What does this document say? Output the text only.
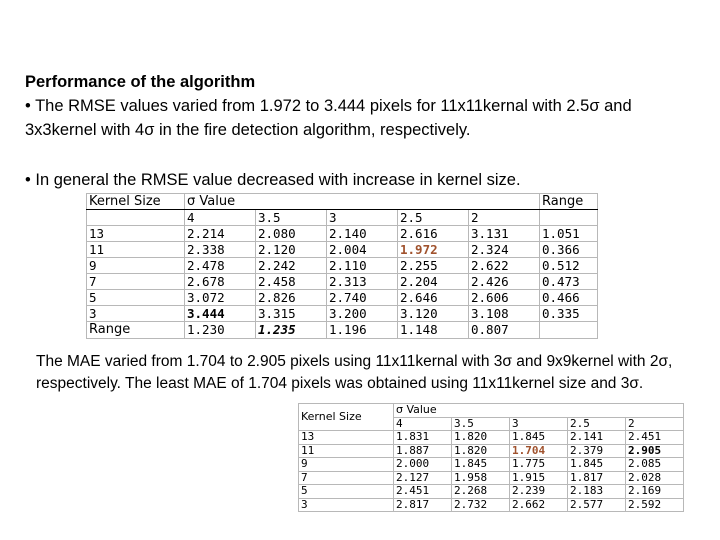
Performance of the algorithm
• The RMSE values varied from 1.972 to 3.444 pixels for 11x11kernal with 2.5σ and 3x3kernel with 4σ in the fire detection algorithm, respectively.
• In general the RMSE value decreased with increase in kernel size.
Kernel Size	σ Value					Range
	4	3.5	3	2.5	2	
13	2.214	2.080	2.140	2.616	3.131	1.051
11	2.338	2.120	2.004	1.972	2.324	0.366
9	2.478	2.242	2.110	2.255	2.622	0.512
7	2.678	2.458	2.313	2.204	2.426	0.473
5	3.072	2.826	2.740	2.646	2.606	0.466
3	3.444	3.315	3.200	3.120	3.108	0.335
Range	1.230	1.235	1.196	1.148	0.807	
The MAE varied from 1.704 to 2.905 pixels using 11x11kernal with 3σ and 9x9kernel with 2σ, respectively. The least MAE of 1.704 pixels was obtained using 11x11kernel size and 3σ.
Kernel Size	σ Value				
	4	3.5	3	2.5	2
13	1.831	1.820	1.845	2.141	2.451
11	1.887	1.820	1.704	2.379	2.905
9	2.000	1.845	1.775	1.845	2.085
7	2.127	1.958	1.915	1.817	2.028
5	2.451	2.268	2.239	2.183	2.169
3	2.817	2.732	2.662	2.577	2.592
